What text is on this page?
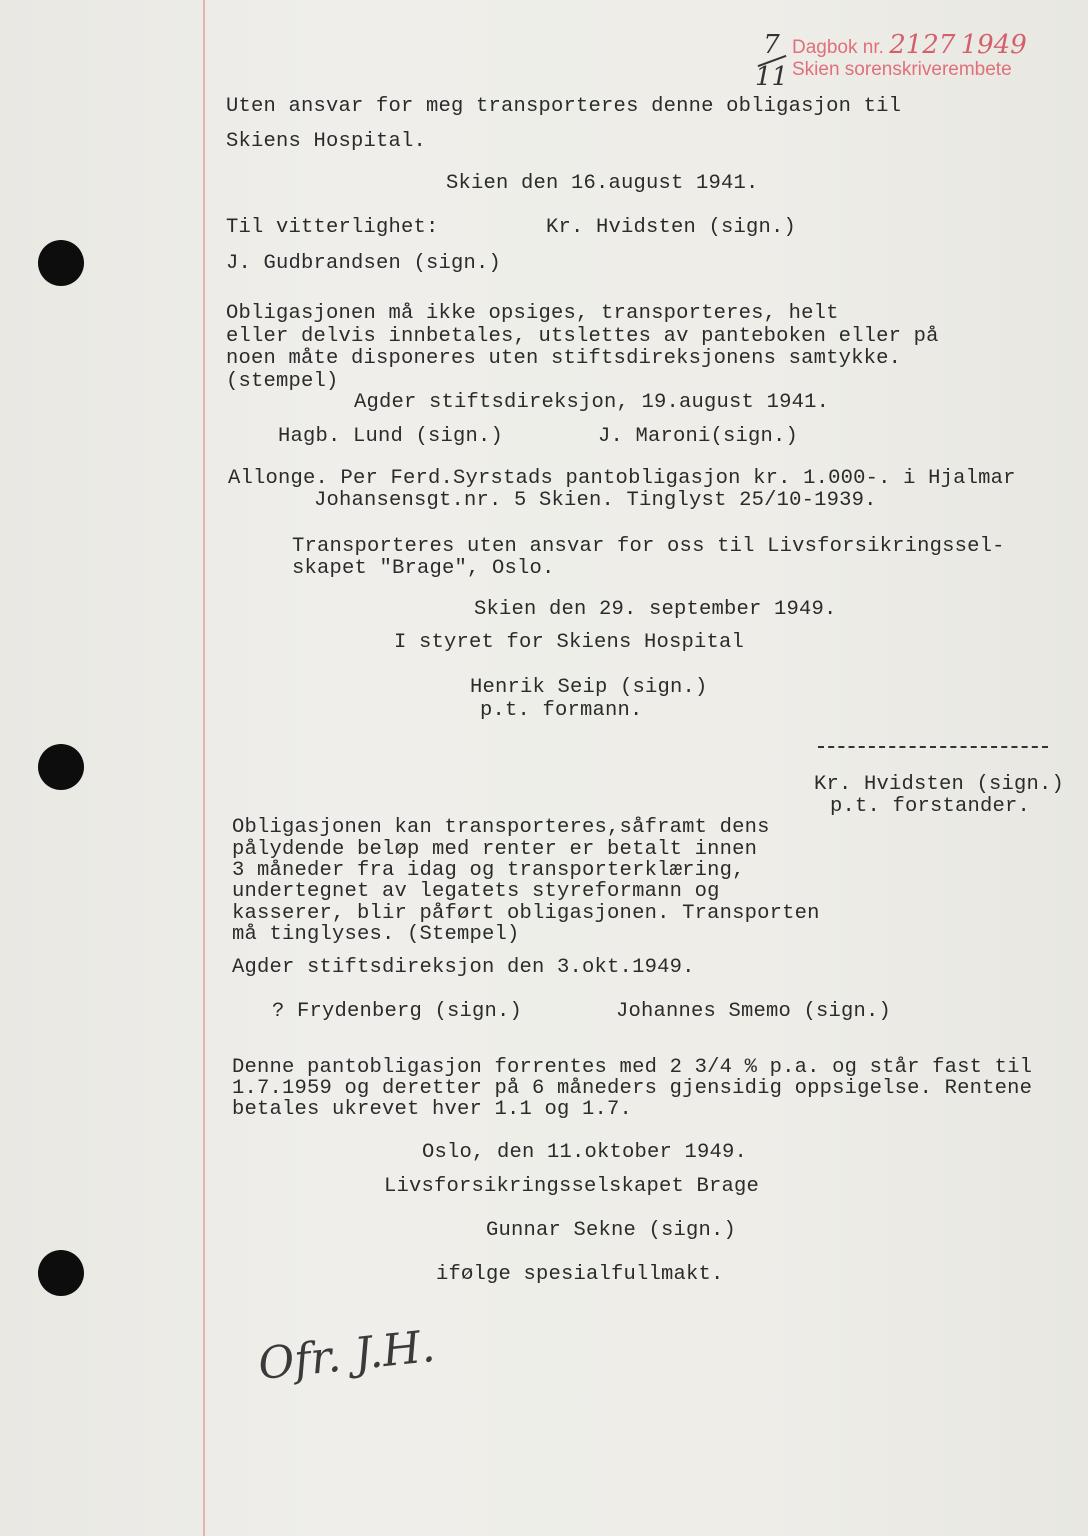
7
11
Dagbok nr. 2127 1949
Skien sorenskriverembete
Uten ansvar for meg transporteres denne obligasjon til
Skiens Hospital.
Skien den 16.august 1941.
Til vitterlighet:	Kr. Hvidsten (sign.)
J. Gudbrandsen (sign.)
Obligasjonen må ikke opsiges, transporteres, helt
eller delvis innbetales, utslettes av panteboken eller på
noen måte disponeres uten stiftsdireksjonens samtykke.
(stempel)
Agder stiftsdireksjon, 19.august 1941.
Hagb. Lund (sign.)	J. Maroni(sign.)
Allonge. Per Ferd.Syrstads pantobligasjon kr. 1.000-. i Hjalmar
Johansensgt.nr. 5 Skien. Tinglyst 25/10-1939.
Transporteres uten ansvar for oss til Livsforsikringssel-
skapet "Brage", Oslo.
Skien den 29. september 1949.
I styret for Skiens Hospital
Henrik Seip (sign.)
p.t. formann.
Kr. Hvidsten (sign.)
p.t. forstander.
Obligasjonen kan transporteres,såframt dens
pålydende beløp med renter er betalt innen
3 måneder fra idag og transporterklæring,
undertegnet av legatets styreformann og
kasserer, blir påført obligasjonen. Transporten
må tinglyses. (Stempel)
Agder stiftsdireksjon den 3.okt.1949.
? Frydenberg (sign.)	Johannes Smemo (sign.)
Denne pantobligasjon forrentes med 2 3/4 % p.a. og står fast til
1.7.1959 og deretter på 6 måneders gjensidig oppsigelse. Rentene
betales ukrevet hver 1.1 og 1.7.
Oslo, den 11.oktober 1949.
Livsforsikringsselskapet Brage
Gunnar Sekne (sign.)
ifølge spesialfullmakt.
Ofr. J.H.
